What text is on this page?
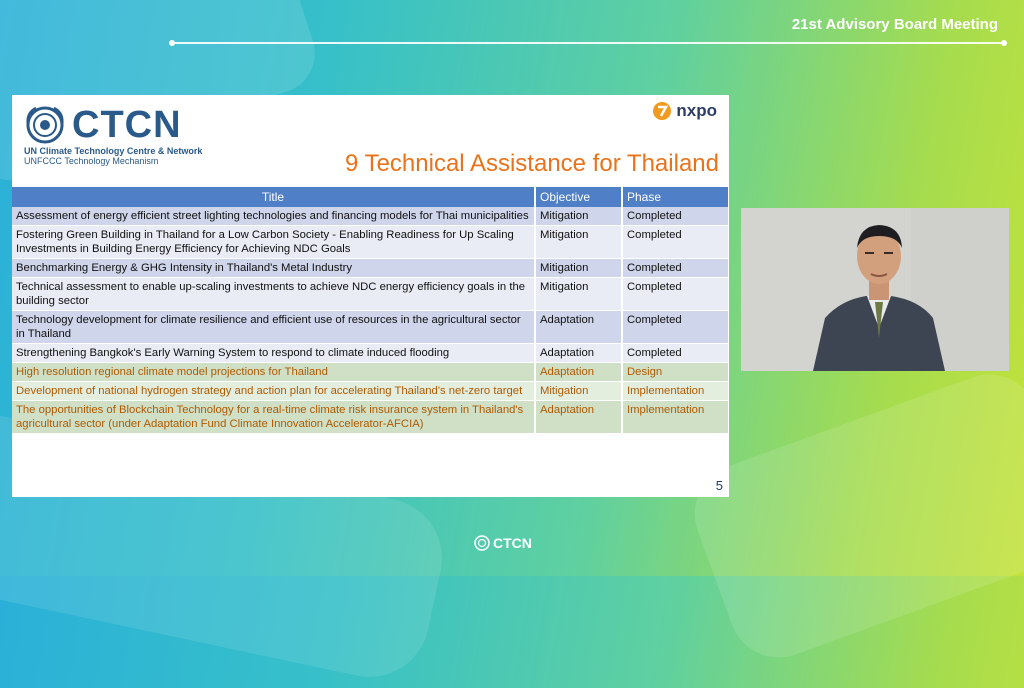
21st Advisory Board Meeting
CTCN
UN Climate Technology Centre & Network
UNFCCC Technology Mechanism
nxpo
9 Technical Assistance for Thailand
Title	Objective	Phase
Assessment of energy efficient street lighting technologies and financing models for Thai municipalities	Mitigation	Completed
Fostering Green Building in Thailand for a Low Carbon Society - Enabling Readiness for Up Scaling Investments in Building Energy Efficiency for Achieving NDC Goals	Mitigation	Completed
Benchmarking Energy & GHG Intensity in Thailand's Metal Industry	Mitigation	Completed
Technical assessment to enable up-scaling investments to achieve NDC energy efficiency goals in the building sector	Mitigation	Completed
Technology development for climate resilience and efficient use of resources in the agricultural sector in Thailand	Adaptation	Completed
Strengthening Bangkok's Early Warning System to respond to climate induced flooding	Adaptation	Completed
High resolution regional climate model projections for Thailand	Adaptation	Design
Development of national hydrogen strategy and action plan for accelerating Thailand's net-zero target	Mitigation	Implementation
The opportunities of Blockchain Technology for a real-time climate risk insurance system in Thailand's agricultural sector (under Adaptation Fund Climate Innovation Accelerator-AFCIA)	Adaptation	Implementation
5
CTCN
